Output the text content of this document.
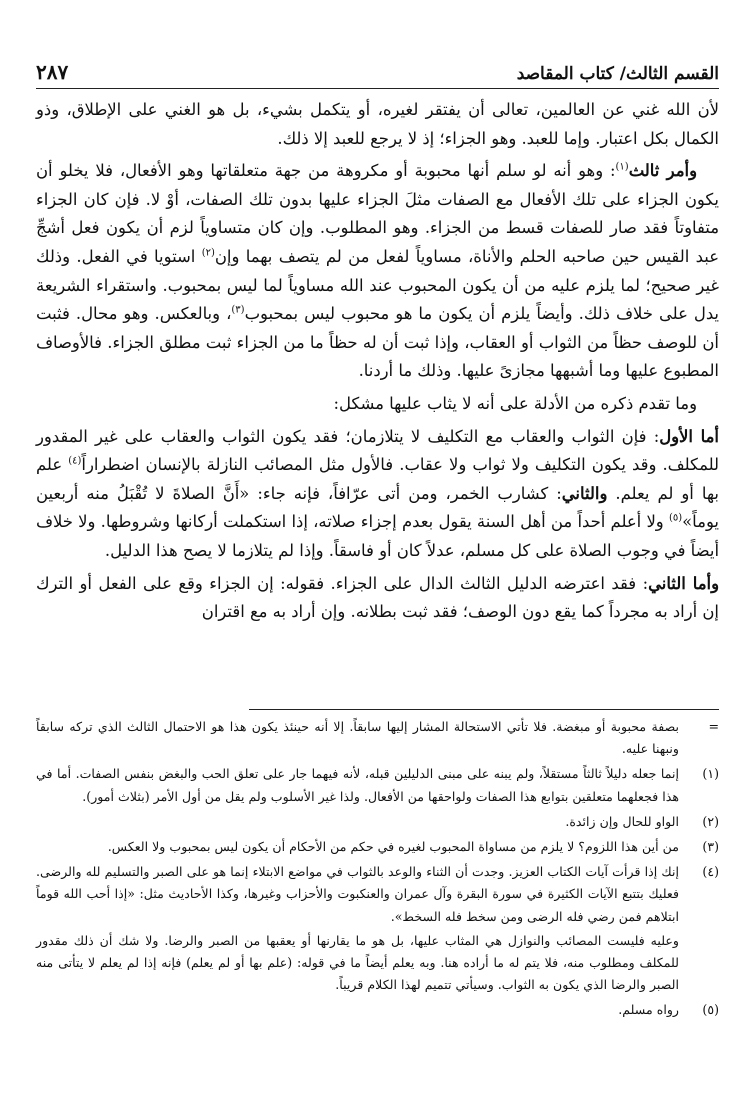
٢٨٧	القسم الثالث/ كتاب المقاصد

لأن الله غني عن العالمين، تعالى أن يفتقر لغيره، أو يتكمل بشيء، بل هو الغني على الإطلاق، وذو الكمال بكل اعتبار. وإما للعبد. وهو الجزاء؛ إذ لا يرجع للعبد إلا ذلك.

وأمر ثالث$^{(١)}$: وهو أنه لو سلم أنها محبوبة أو مكروهة من جهة متعلقاتها وهو الأفعال، فلا يخلو أن يكون الجزاء على تلك الأفعال مع الصفات مثلَ الجزاء عليها بدون تلك الصفات، أوْ لا. فإن كان الجزاء متفاوتاً فقد صار للصفات قسط من الجزاء. وهو المطلوب. وإن كان متساوياً لزم أن يكون فعل أشجِّ عبد القيس حين صاحبه الحلم والأناة، مساوياً لفعل من لم يتصف بهما وإن$^{(٢)}$ استويا في الفعل. وذلك غير صحيح؛ لما يلزم عليه من أن يكون المحبوب عند الله مساوياً لما ليس بمحبوب. واستقراء الشريعة يدل على خلاف ذلك. وأيضاً يلزم أن يكون ما هو محبوب ليس بمحبوب$^{(٣)}$، وبالعكس. وهو محال. فثبت أن للوصف حظاً من الثواب أو العقاب، وإذا ثبت أن له حظاً ما من الجزاء ثبت مطلق الجزاء. فالأوصاف المطبوع عليها وما أشبهها مجازىً عليها. وذلك ما أردنا.

وما تقدم ذكره من الأدلة على أنه لا يثاب عليها مشكل:

أما الأول: فإن الثواب والعقاب مع التكليف لا يتلازمان؛ فقد يكون الثواب والعقاب على غير المقدور للمكلف. وقد يكون التكليف ولا ثواب ولا عقاب. فالأول مثل المصائب النازلة بالإنسان اضطراراً$^{(٤)}$ علم بها أو لم يعلم. والثاني: كشارب الخمر، ومن أتى عرّافاً، فإنه جاء: «أَنَّ الصلاةَ لا تُقْبَلُ منه أربعين يوماً»$^{(٥)}$ ولا أعلم أحداً من أهل السنة يقول بعدم إجزاء صلاته، إذا استكملت أركانها وشروطها. ولا خلاف أيضاً في وجوب الصلاة على كل مسلم، عدلاً كان أو فاسقاً. وإذا لم يتلازما لا يصح هذا الدليل.

وأما الثاني: فقد اعترضه الدليل الثالث الدال على الجزاء. فقوله: إن الجزاء وقع على الفعل أو الترك إن أراد به مجرداً كما يقع دون الوصف؛ فقد ثبت بطلانه. وإن أراد به مع اقتران

=
بصفة محبوبة أو مبغضة. فلا تأتي الاستحالة المشار إليها سابقاً. إلا أنه حينئذ يكون هذا هو الاحتمال الثالث الذي تركه سابقاً ونبهنا عليه.
(١)
إنما جعله دليلاً ثالثاً مستقلاً، ولم يبنه على مبنى الدليلين قبله، لأنه فيهما جار على تعلق الحب والبغض بنفس الصفات. أما في هذا فجعلهما متعلقين بتوابع هذا الصفات ولواحقها من الأفعال. ولذا غير الأسلوب ولم يقل من أول الأمر (بثلاث أمور).
(٢)
الواو للحال وإن زائدة.
(٣)
من أين هذا اللزوم؟ لا يلزم من مساواة المحبوب لغيره في حكم من الأحكام أن يكون ليس بمحبوب ولا العكس.
(٤)
إنك إذا قرأت آيات الكتاب العزيز. وجدت أن الثناء والوعد بالثواب في مواضع الابتلاء إنما هو على الصبر والتسليم لله والرضى. فعليك بتتبع الآيات الكثيرة في سورة البقرة وآل عمران والعنكبوت والأحزاب وغيرها، وكذا الأحاديث مثل: «إذا أحب الله قوماً ابتلاهم فمن رضي فله الرضى ومن سخط فله السخط».
وعليه فليست المصائب والنوازل هي المثاب عليها، بل هو ما يقارنها أو يعقبها من الصبر والرضا. ولا شك أن ذلك مقدور للمكلف ومطلوب منه، فلا يتم له ما أراده هنا. وبه يعلم أيضاً ما في قوله: (علم بها أو لم يعلم) فإنه إذا لم يعلم لا يتأتى منه الصبر والرضا الذي يكون به الثواب. وسيأتي تتميم لهذا الكلام قريباً.
(٥)
رواه مسلم.
